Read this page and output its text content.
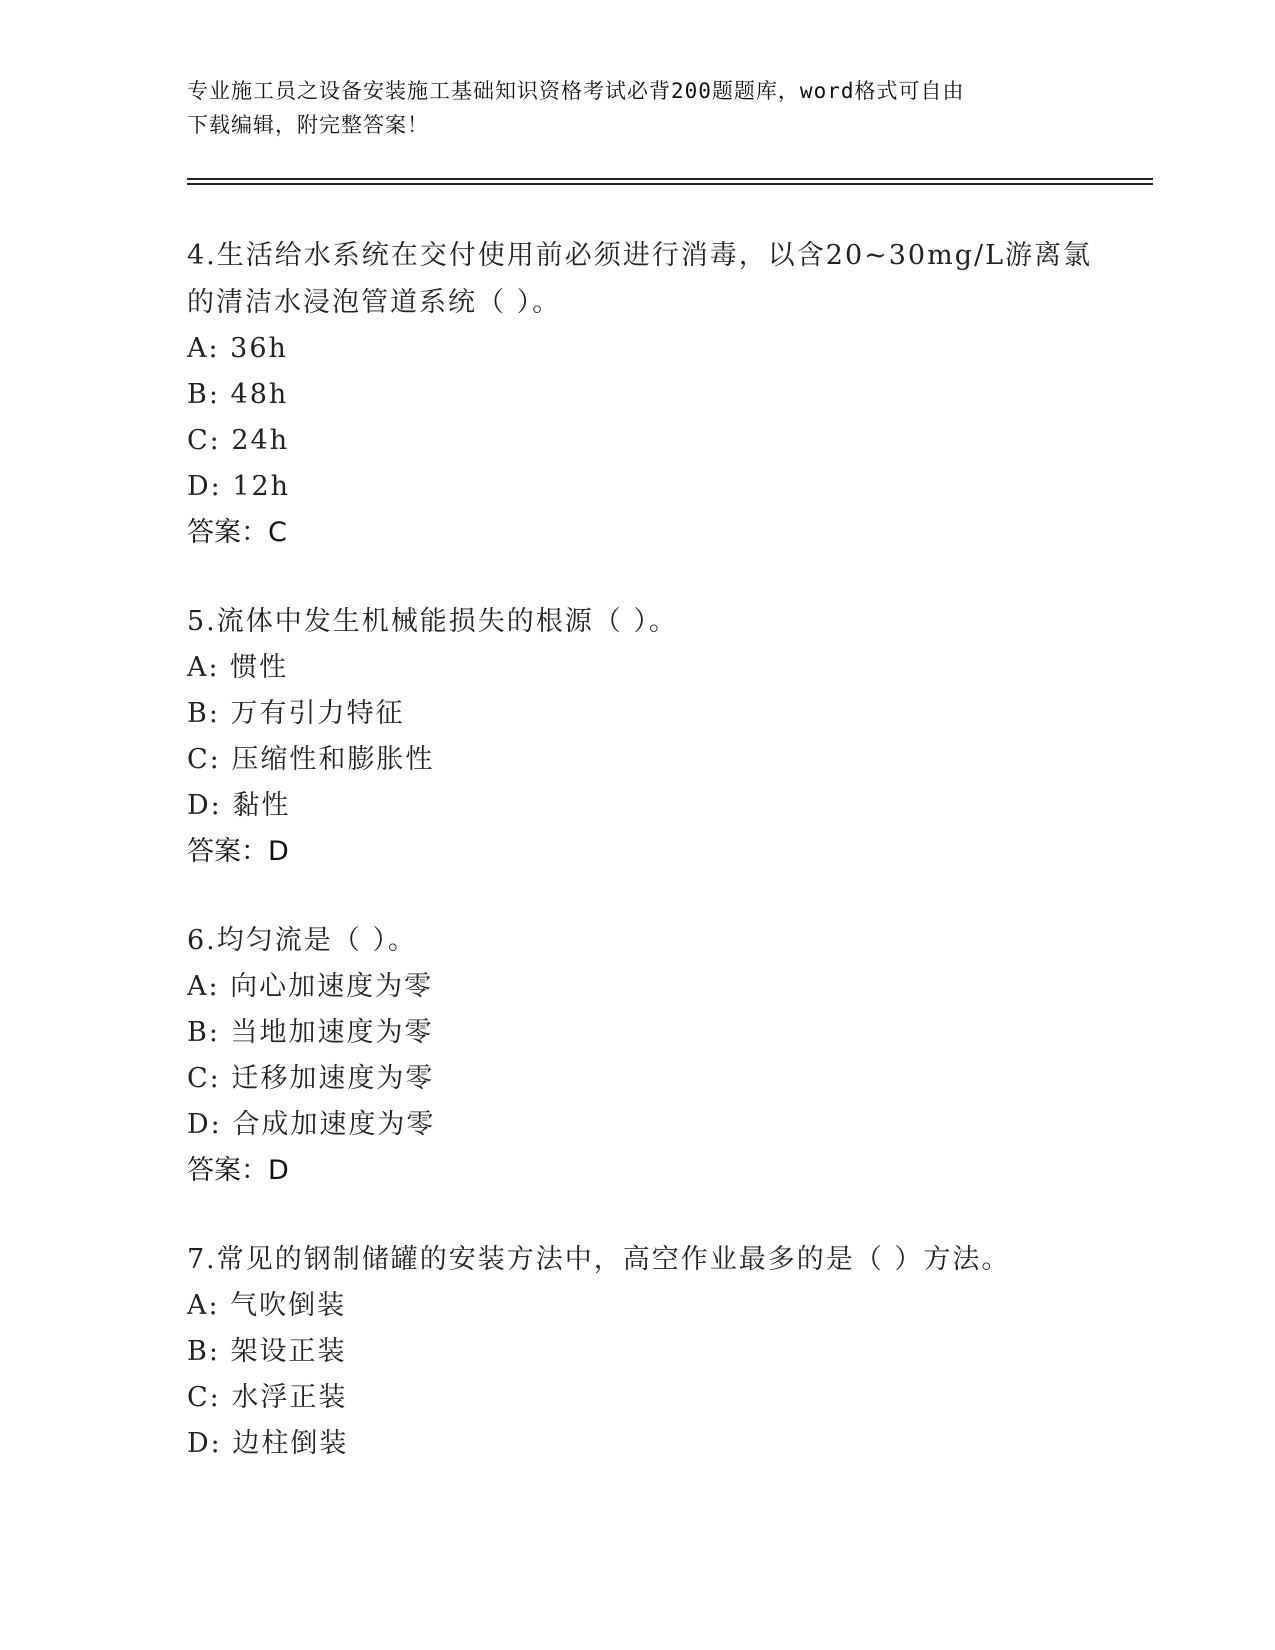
专业施工员之设备安装施工基础知识资格考试必背200题题库，word格式可自由
下载编辑，附完整答案！
4.生活给水系统在交付使用前必须进行消毒，以含20~30mg/L游离氯
的清洁水浸泡管道系统（ ）。
A: 36h
B: 48h
C: 24h
D: 12h
答案：C
5.流体中发生机械能损失的根源（ ）。
A: 惯性
B: 万有引力特征
C: 压缩性和膨胀性
D: 黏性
答案：D
6.均匀流是（ ）。
A: 向心加速度为零
B: 当地加速度为零
C: 迁移加速度为零
D: 合成加速度为零
答案：D
7.常见的钢制储罐的安装方法中，高空作业最多的是（ ）方法。
A: 气吹倒装
B: 架设正装
C: 水浮正装
D: 边柱倒装
